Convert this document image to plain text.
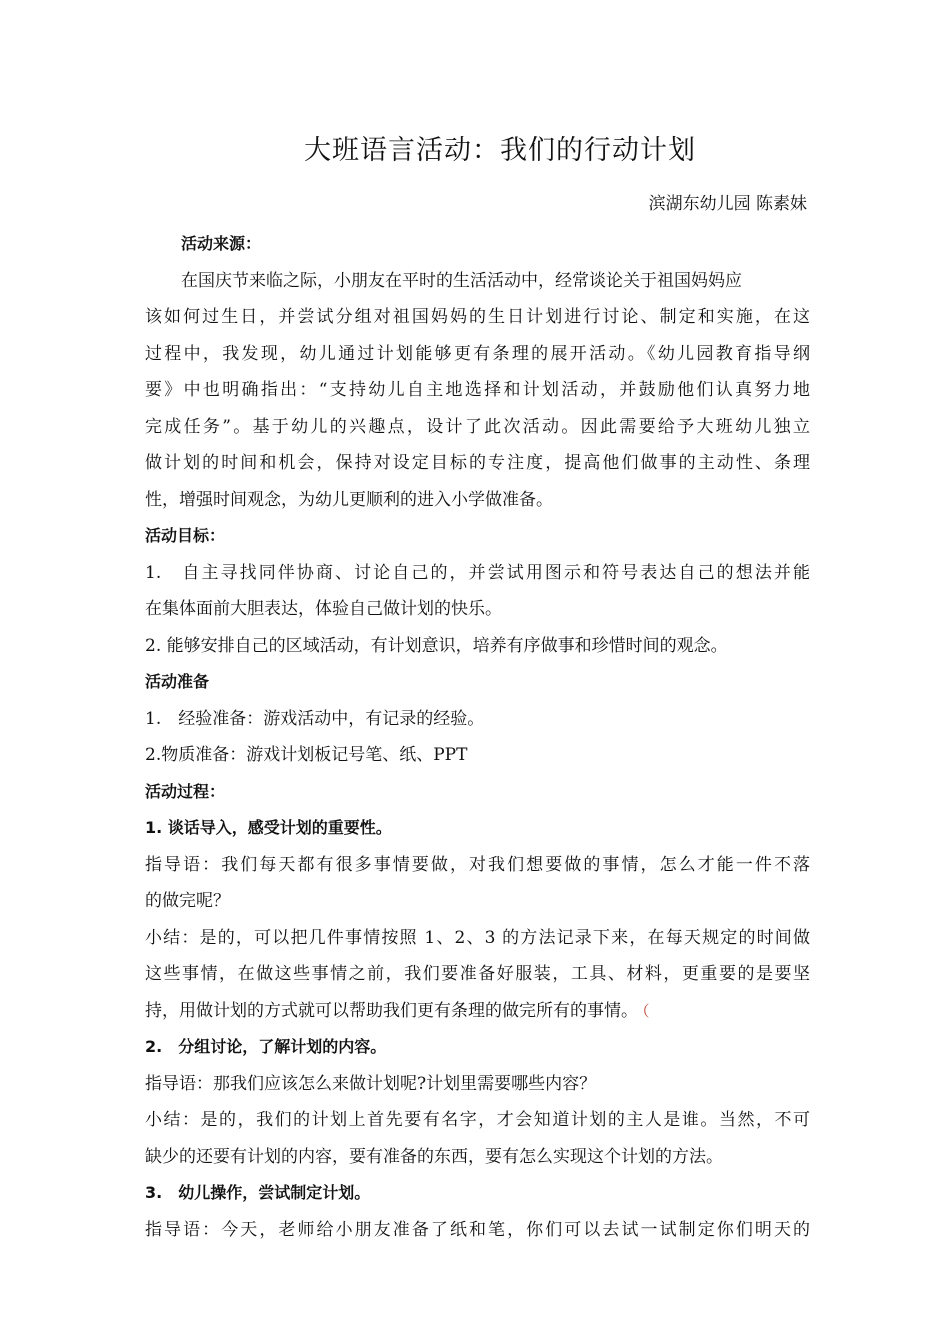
大班语言活动：我们的行动计划
滨湖东幼儿园 陈素妹
活动来源：
在国庆节来临之际，小朋友在平时的生活活动中，经常谈论关于祖国妈妈应
该如何过生日，并尝试分组对祖国妈妈的生日计划进行讨论、制定和实施，在这
过程中，我发现，幼儿通过计划能够更有条理的展开活动。《幼儿园教育指导纲
要》中也明确指出：“支持幼儿自主地选择和计划活动，并鼓励他们认真努力地
完成任务”。基于幼儿的兴趣点，设计了此次活动。因此需要给予大班幼儿独立
做计划的时间和机会，保持对设定目标的专注度，提高他们做事的主动性、条理
性，增强时间观念，为幼儿更顺利的进入小学做准备。
活动目标：
1.　自主寻找同伴协商、讨论自己的，并尝试用图示和符号表达自己的想法并能
在集体面前大胆表达，体验自己做计划的快乐。
2. 能够安排自己的区域活动，有计划意识，培养有序做事和珍惜时间的观念。
活动准备
1.　经验准备：游戏活动中，有记录的经验。
2.物质准备：游戏计划板记号笔、纸、PPT
活动过程：
1. 谈话导入，感受计划的重要性。
指导语：我们每天都有很多事情要做，对我们想要做的事情，怎么才能一件不落
的做完呢？
小结：是的，可以把几件事情按照 1、2、3 的方法记录下来，在每天规定的时间做
这些事情，在做这些事情之前，我们要准备好服装，工具、材料，更重要的是要坚
持，用做计划的方式就可以帮助我们更有条理的做完所有的事情。 （
2.　分组讨论，了解计划的内容。
指导语：那我们应该怎么来做计划呢?计划里需要哪些内容？
小结：是的，我们的计划上首先要有名字，才会知道计划的主人是谁。当然，不可
缺少的还要有计划的内容，要有准备的东西，要有怎么实现这个计划的方法。
3.　幼儿操作，尝试制定计划。
指导语：今天，老师给小朋友准备了纸和笔，你们可以去试一试制定你们明天的
